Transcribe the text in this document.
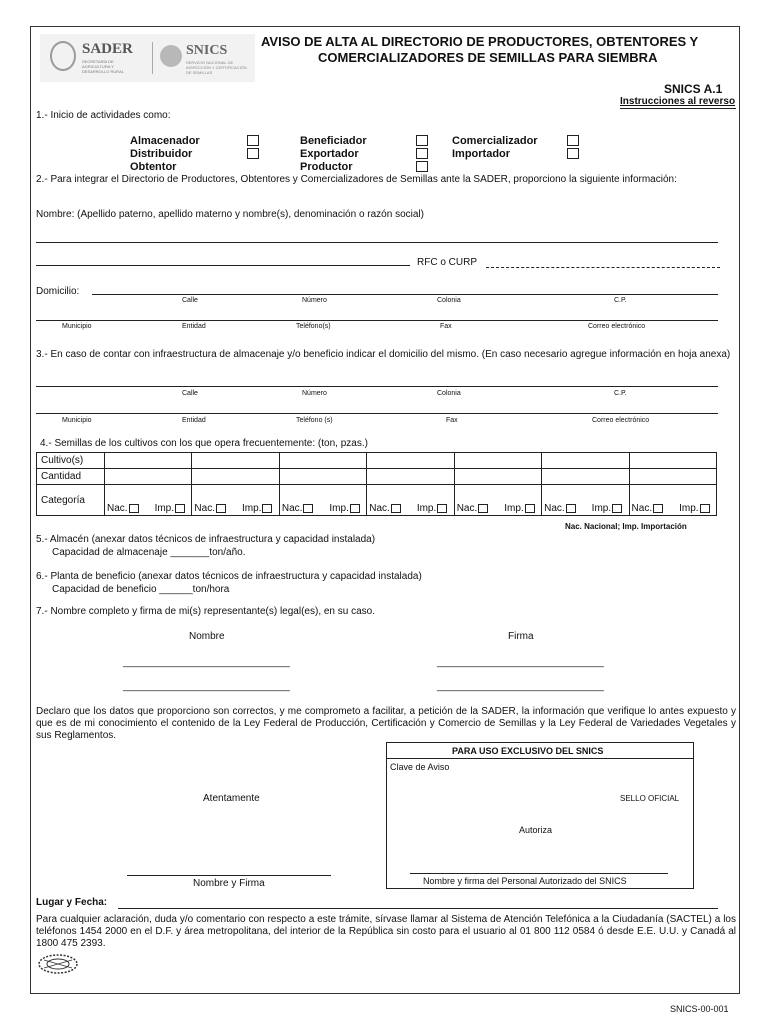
SADER
SECRETARÍA DE AGRICULTURA Y DESARROLLO RURAL
SNICS
SERVICIO NACIONAL DE INSPECCIÓN Y CERTIFICACIÓN DE SEMILLAS
AVISO DE ALTA AL DIRECTORIO DE PRODUCTORES, OBTENTORES Y
COMERCIALIZADORES DE SEMILLAS PARA SIEMBRA
SNICS A.1
Instrucciones al reverso
1.- Inicio de actividades como:
Almacenador
Distribuidor
Obtentor
Beneficiador
Exportador
Productor
Comercializador
Importador
2.- Para integrar el Directorio de Productores, Obtentores y Comercializadores de Semillas ante la SADER, proporciono la siguiente información:
Nombre: (Apellido paterno, apellido materno y nombre(s), denominación o razón social)
RFC o CURP
Domicilio:
Calle	Número	Colonia	C.P.
Municipio	Entidad	Teléfono(s)	Fax	Correo electrónico
3.- En caso de contar con infraestructura de almacenaje y/o beneficio indicar el domicilio del mismo. (En caso necesario agregue información en hoja anexa)
Calle	Número	Colonia	C.P.
Municipio	Entidad	Teléfono (s)	Fax	Correo electrónico
4.- Semillas de los cultivos con los que opera frecuentemente: (ton, pzas.)
Cultivo(s)							
Cantidad							
Categoría	Nac. Imp.	Nac. Imp.	Nac. Imp.	Nac. Imp.	Nac. Imp.	Nac. Imp.	Nac. Imp.
Nac. Nacional; Imp. Importación
5.- Almacén (anexar datos técnicos de infraestructura y capacidad instalada)
Capacidad de almacenaje _______ton/año.
6.- Planta de beneficio (anexar datos técnicos de infraestructura y capacidad instalada)
Capacidad de beneficio ______ton/hora
7.- Nombre completo y firma de mi(s) representante(s) legal(es), en su caso.
Nombre	Firma
______________________________	______________________________
______________________________	______________________________
Declaro que los datos que proporciono son correctos, y me comprometo a facilitar, a petición de la SADER, la información que verifique lo antes expuesto y que es de mi conocimiento el contenido de la Ley Federal de Producción, Certificación y Comercio de Semillas y la Ley Federal de Variedades Vegetales y sus Reglamentos.
Atentamente
Nombre y Firma
PARA USO EXCLUSIVO DEL SNICS
Clave de Aviso
SELLO OFICIAL
Autoriza
Nombre y firma del Personal Autorizado del SNICS
Lugar y Fecha:
Para cualquier aclaración, duda y/o comentario con respecto a este trámite, sírvase llamar al Sistema de Atención Telefónica a la Ciudadanía (SACTEL) a los teléfonos 1454 2000 en el D.F. y área metropolitana, del interior de la República sin costo para el usuario al 01 800 112 0584 ó desde E.E. U.U. y Canadá al 1800 475 2393.
SNICS-00-001
